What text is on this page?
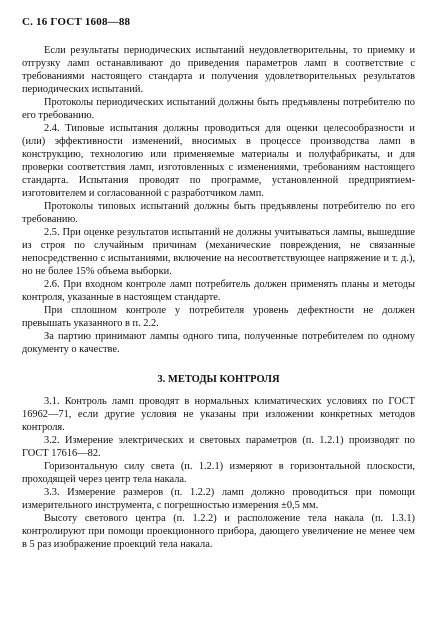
С. 16 ГОСТ 1608—88

Если результаты периодических испытаний неудовлетворительны, то приемку и отгрузку ламп останавливают до приведения параметров ламп в соответствие с требованиями настоящего стандарта и получения удовлетворительных результатов периодических испытаний.

Протоколы периодических испытаний должны быть предъявлены потребителю по его требованию.

2.4. Типовые испытания должны проводиться для оценки целесообразности и (или) эффективности изменений, вносимых в процессе производства ламп в конструкцию, технологию или применяемые материалы и полуфабрикаты, и для проверки соответствия ламп, изготовленных с изменениями, требованиям настоящего стандарта. Испытания проводят по программе, установленной предприятием-изготовителем и согласованной с разработчиком ламп.

Протоколы типовых испытаний должны быть предъявлены потребителю по его требованию.

2.5. При оценке результатов испытаний не должны учитываться лампы, вышедшие из строя по случайным причинам (механические повреждения, не связанные непосредственно с испытаниями, включение на несоответствующее напряжение и т. д.), но не более 15% объема выборки.

2.6. При входном контроле ламп потребитель должен применять планы и методы контроля, указанные в настоящем стандарте.

При сплошном контроле у потребителя уровень дефектности не должен превышать указанного в п. 2.2.

За партию принимают лампы одного типа, полученные потребителем по одному документу о качестве.

3. МЕТОДЫ КОНТРОЛЯ

3.1. Контроль ламп проводят в нормальных климатических условиях по ГОСТ 16962—71, если другие условия не указаны при изложении конкретных методов контроля.

3.2. Измерение электрических и световых параметров (п. 1.2.1) производят по ГОСТ 17616—82.

Горизонтальную силу света (п. 1.2.1) измеряют в горизонтальной плоскости, проходящей через центр тела накала.

3.3. Измерение размеров (п. 1.2.2) ламп должно проводиться при помощи измерительного инструмента, с погрешностью измерения ±0,5 мм.

Высоту светового центра (п. 1.2.2) и расположение тела накала (п. 1.3.1) контролируют при помощи проекционного прибора, дающего увеличение не менее чем в 5 раз изображение проекций тела накала.
